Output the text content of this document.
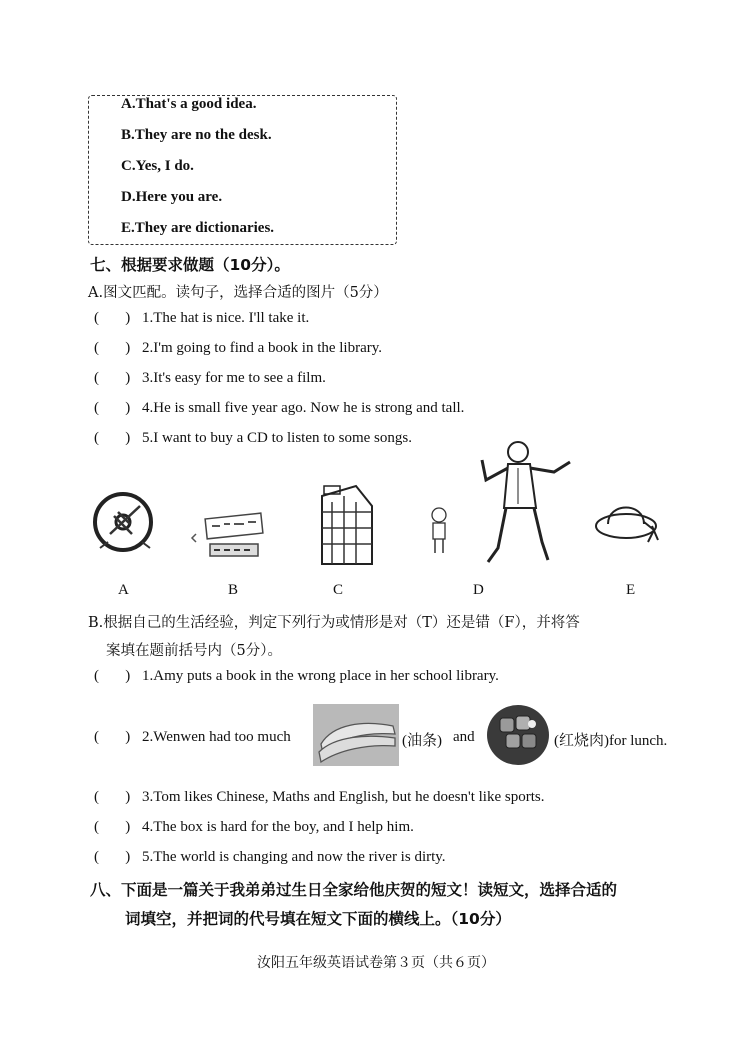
A.That's a good idea.
B.They are no the desk.
C.Yes, I do.
D.Here you are.
E.They are dictionaries.
七、根据要求做题（10分）。
A.图文匹配。读句子，选择合适的图片（5分）
(       ) 1.The hat is nice. I'll take it.
(       ) 2.I'm going to find a book in the library.
(       ) 3.It's easy for me to see a film.
(       ) 4.He is small five year ago. Now he is strong and tall.
(       ) 5.I want to buy a CD to listen to some songs.
A	B	C	D	E
B.根据自己的生活经验，判定下列行为或情形是对（T）还是错（F），并将答
案填在题前括号内（5分）。
(       ) 1.Amy puts a book in the wrong place in her school library.
(       ) 2.Wenwen had too much	(油条) and	(红烧肉)for lunch.
(       ) 3.Tom likes Chinese, Maths and English, but he doesn't like sports.
(       ) 4.The box is hard for the boy, and I help him.
(       ) 5.The world is changing and now the river is dirty.
八、下面是一篇关于我弟弟过生日全家给他庆贺的短文！读短文，选择合适的
词填空，并把词的代号填在短文下面的横线上。（10分）
汝阳五年级英语试卷第３页（共６页）
